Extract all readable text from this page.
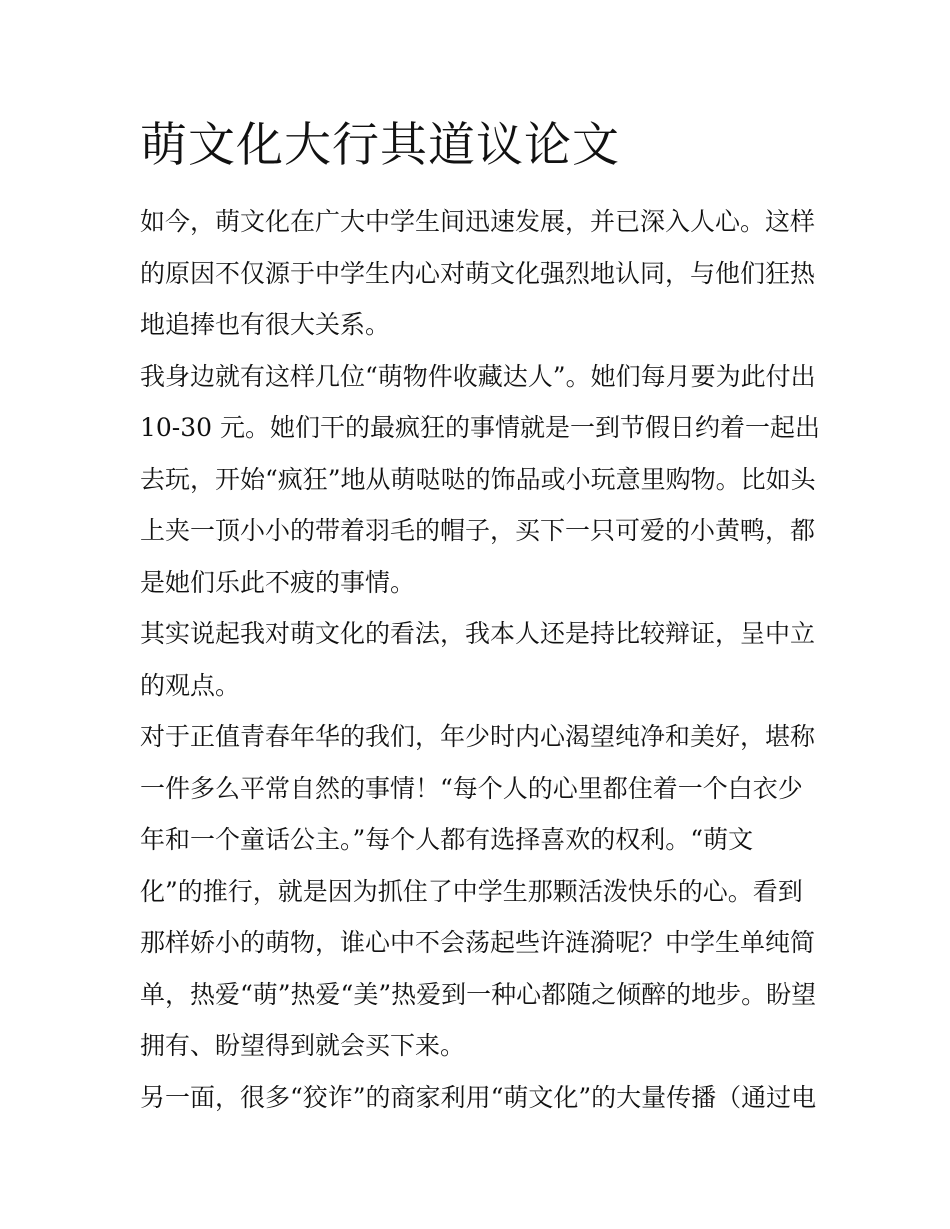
萌文化大行其道议论文

如今，萌文化在广大中学生间迅速发展，并已深入人心。这样
的原因不仅源于中学生内心对萌文化强烈地认同，与他们狂热
地追捧也有很大关系。

我身边就有这样几位“萌物件收藏达人”。她们每月要为此付出
10-30 元。她们干的最疯狂的事情就是一到节假日约着一起出
去玩，开始“疯狂”地从萌哒哒的饰品或小玩意里购物。比如头
上夹一顶小小的带着羽毛的帽子，买下一只可爱的小黄鸭，都
是她们乐此不疲的事情。

其实说起我对萌文化的看法，我本人还是持比较辩证，呈中立
的观点。

对于正值青春年华的我们，年少时内心渴望纯净和美好，堪称
一件多么平常自然的事情！“每个人的心里都住着一个白衣少
年和一个童话公主。”每个人都有选择喜欢的权利。“萌文
化”的推行，就是因为抓住了中学生那颗活泼快乐的心。看到
那样娇小的萌物，谁心中不会荡起些许涟漪呢？中学生单纯简
单，热爱“萌”热爱“美”热爱到一种心都随之倾醉的地步。盼望
拥有、盼望得到就会买下来。

另一面，很多“狡诈”的商家利用“萌文化”的大量传播（通过电
